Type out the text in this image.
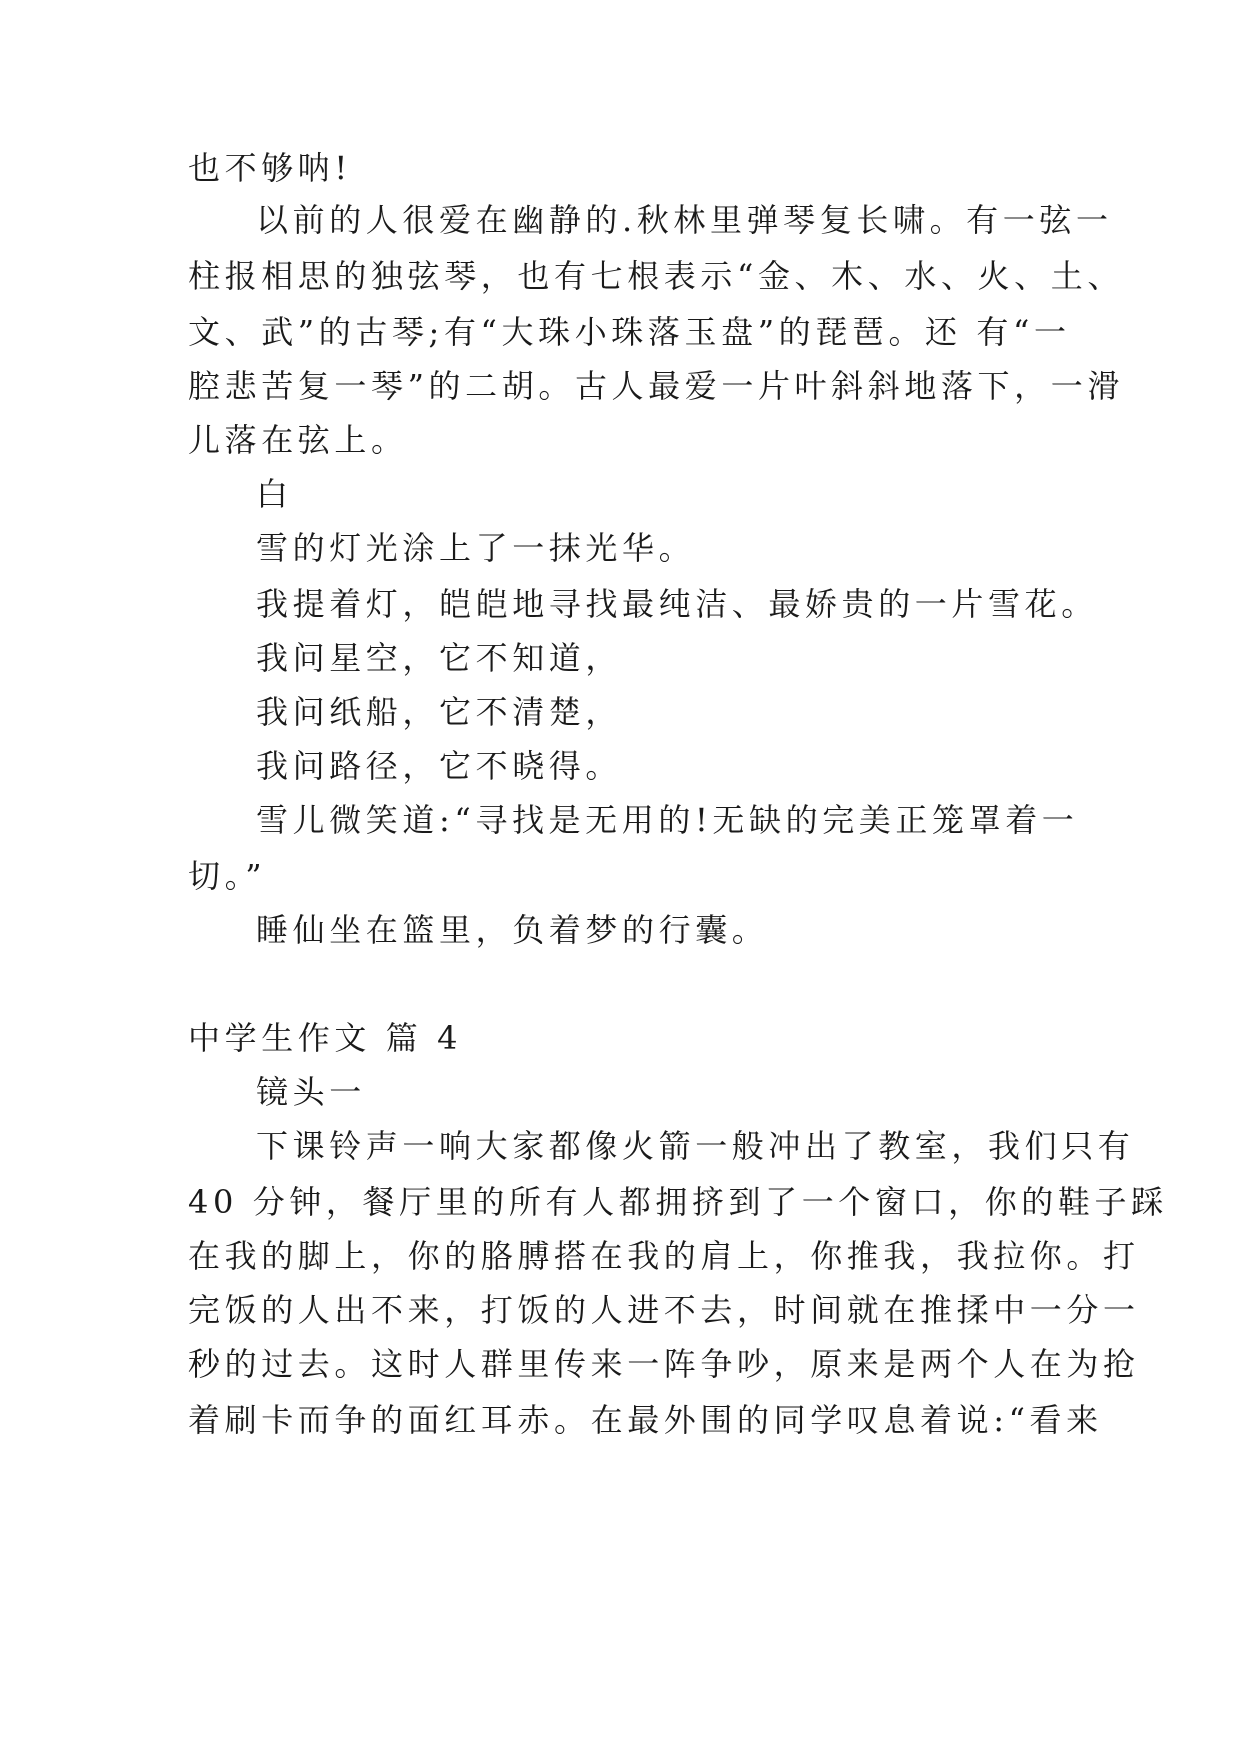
也不够呐!
以前的人很爱在幽静的.秋林里弹琴复长啸。有一弦一
柱报相思的独弦琴，也有七根表示“金、木、水、火、土、
文、武”的古琴;有“大珠小珠落玉盘”的琵琶。还 有“一
腔悲苦复一琴”的二胡。古人最爱一片叶斜斜地落下，一滑
儿落在弦上。
白
雪的灯光涂上了一抹光华。
我提着灯，皑皑地寻找最纯洁、最娇贵的一片雪花。
我问星空，它不知道，
我问纸船，它不清楚，
我问路径，它不晓得。
雪儿微笑道:“寻找是无用的!无缺的完美正笼罩着一
切。”
睡仙坐在篮里，负着梦的行囊。
中学生作文 篇 4
镜头一
下课铃声一响大家都像火箭一般冲出了教室，我们只有
40 分钟，餐厅里的所有人都拥挤到了一个窗口，你的鞋子踩
在我的脚上，你的胳膊搭在我的肩上，你推我，我拉你。打
完饭的人出不来，打饭的人进不去，时间就在推揉中一分一
秒的过去。这时人群里传来一阵争吵，原来是两个人在为抢
着刷卡而争的面红耳赤。在最外围的同学叹息着说:“看来
